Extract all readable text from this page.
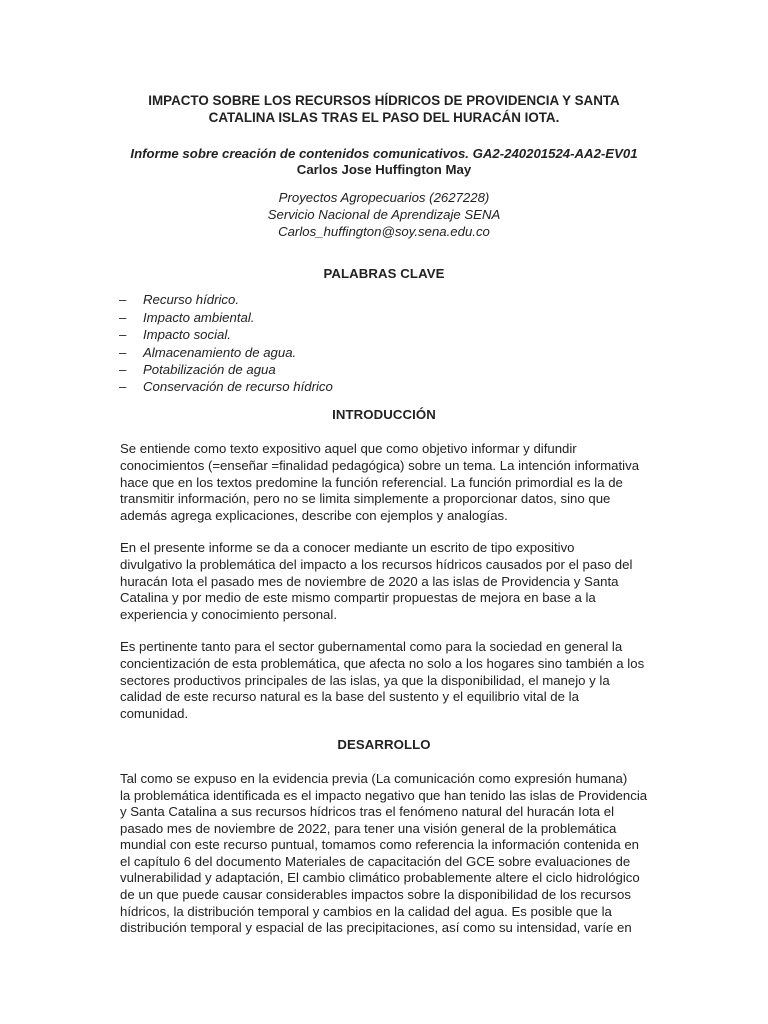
IMPACTO SOBRE LOS RECURSOS HÍDRICOS DE PROVIDENCIA Y SANTA
CATALINA ISLAS TRAS EL PASO DEL HURACÁN IOTA.
Informe sobre creación de contenidos comunicativos. GA2-240201524-AA2-EV01
Carlos Jose Huffington May
Proyectos Agropecuarios (2627228)
Servicio Nacional de Aprendizaje SENA
Carlos_huffington@soy.sena.edu.co
PALABRAS CLAVE
– Recurso hídrico.
– Impacto ambiental.
– Impacto social.
– Almacenamiento de agua.
– Potabilización de agua
– Conservación de recurso hídrico
INTRODUCCIÓN

Se entiende como texto expositivo aquel que como objetivo informar y difundir
conocimientos (=enseñar =finalidad pedagógica) sobre un tema. La intención informativa
hace que en los textos predomine la función referencial. La función primordial es la de
transmitir información, pero no se limita simplemente a proporcionar datos, sino que
además agrega explicaciones, describe con ejemplos y analogías.

En el presente informe se da a conocer mediante un escrito de tipo expositivo
divulgativo la problemática del impacto a los recursos hídricos causados por el paso del
huracán Iota el pasado mes de noviembre de 2020 a las islas de Providencia y Santa
Catalina y por medio de este mismo compartir propuestas de mejora en base a la
experiencia y conocimiento personal.

Es pertinente tanto para el sector gubernamental como para la sociedad en general la
concientización de esta problemática, que afecta no solo a los hogares sino también a los
sectores productivos principales de las islas, ya que la disponibilidad, el manejo y la
calidad de este recurso natural es la base del sustento y el equilibrio vital de la
comunidad.

DESARROLLO

Tal como se expuso en la evidencia previa (La comunicación como expresión humana)
la problemática identificada es el impacto negativo que han tenido las islas de Providencia
y Santa Catalina a sus recursos hídricos tras el fenómeno natural del huracán Iota el
pasado mes de noviembre de 2022, para tener una visión general de la problemática
mundial con este recurso puntual, tomamos como referencia la información contenida en
el capítulo 6 del documento Materiales de capacitación del GCE sobre evaluaciones de
vulnerabilidad y adaptación, El cambio climático probablemente altere el ciclo hidrológico
de un que puede causar considerables impactos sobre la disponibilidad de los recursos
hídricos, la distribución temporal y cambios en la calidad del agua. Es posible que la
distribución temporal y espacial de las precipitaciones, así como su intensidad, varíe en
